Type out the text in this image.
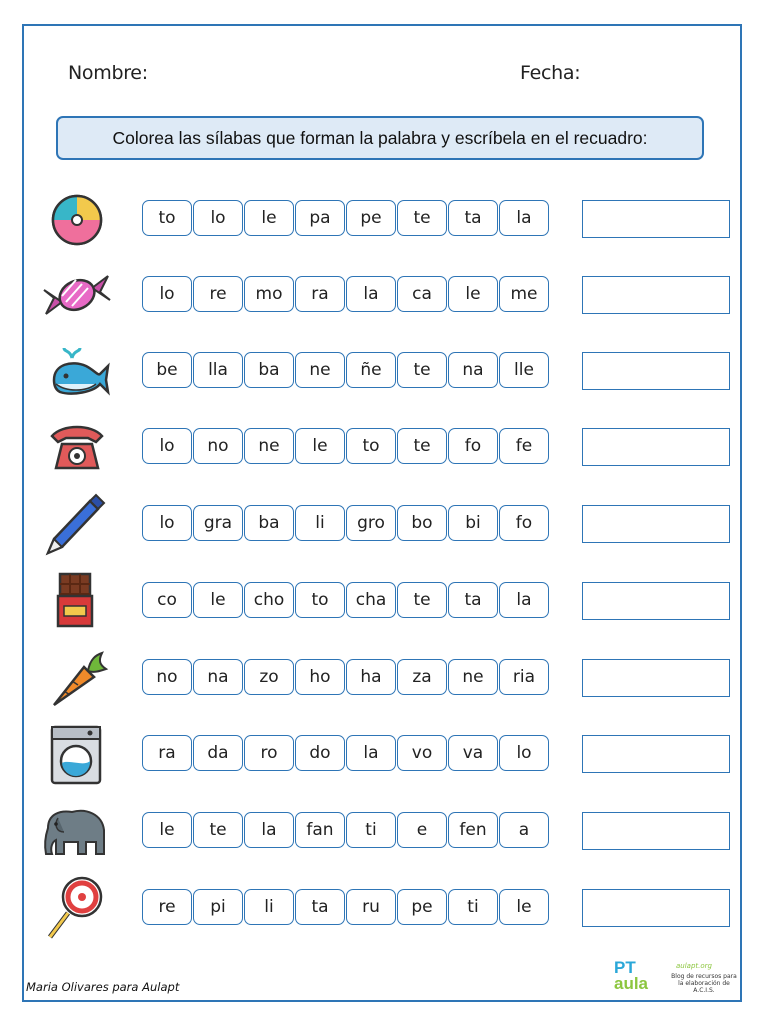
Nombre:	Fecha:
Colorea las sílabas que forman la palabra y escríbela en el recuadro:
to	lo	le	pa	pe	te	ta	la
lo	re	mo	ra	la	ca	le	me
be	lla	ba	ne	ñe	te	na	lle
lo	no	ne	le	to	te	fo	fe
lo	gra	ba	li	gro	bo	bi	fo
co	le	cho	to	cha	te	ta	la
no	na	zo	ho	ha	za	ne	ria
ra	da	ro	do	la	vo	va	lo
le	te	la	fan	ti	e	fen	a
re	pi	li	ta	ru	pe	ti	le
Maria Olivares para Aulapt
PT
aula
aulapt.org
Blog de recursos para la elaboración de A.C.I.S.
